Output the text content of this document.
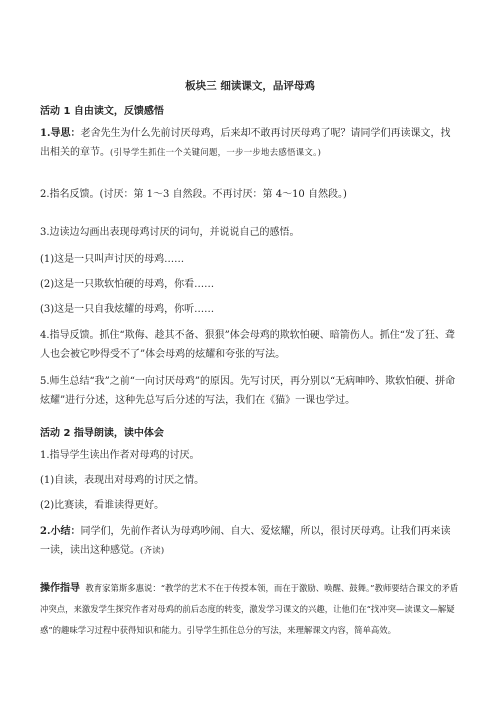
板块三 细读课文，品评母鸡
活动 1 自由读文，反馈感悟
1.导思：老舍先生为什么先前讨厌母鸡，后来却不敢再讨厌母鸡了呢？请同学们再读课文，找出相关的章节。(引导学生抓住一个关键问题，一步一步地去感悟课文。)
2.指名反馈。(讨厌：第 1～3 自然段。不再讨厌：第 4～10 自然段。)
3.边读边勾画出表现母鸡讨厌的词句，并说说自己的感悟。
(1)这是一只叫声讨厌的母鸡……
(2)这是一只欺软怕硬的母鸡，你看……
(3)这是一只自我炫耀的母鸡，你听……
4.指导反馈。抓住“欺侮、趁其不备、狠狠”体会母鸡的欺软怕硬、暗箭伤人。抓住“发了狂、聋人也会被它吵得受不了”体会母鸡的炫耀和夸张的写法。
5.师生总结“我”之前“一向讨厌母鸡”的原因。先写讨厌，再分别以“无病呻吟、欺软怕硬、拼命炫耀”进行分述，这种先总写后分述的写法，我们在《猫》一课也学过。
活动 2 指导朗读，读中体会
1.指导学生读出作者对母鸡的讨厌。
(1)自读，表现出对母鸡的讨厌之情。
(2)比赛读，看谁读得更好。
2.小结：同学们，先前作者认为母鸡吵闹、自大、爱炫耀，所以，很讨厌母鸡。让我们再来读一读，读出这种感觉。(齐读)
操作指导 教育家第斯多惠说：“教学的艺术不在于传授本领，而在于激励、唤醒、鼓舞。”教师要结合课文的矛盾冲突点，来激发学生探究作者对母鸡的前后态度的转变，激发学习课文的兴趣，让他们在“找冲突—读课文—解疑惑”的趣味学习过程中获得知识和能力。引导学生抓住总分的写法，来理解课文内容，简单高效。
